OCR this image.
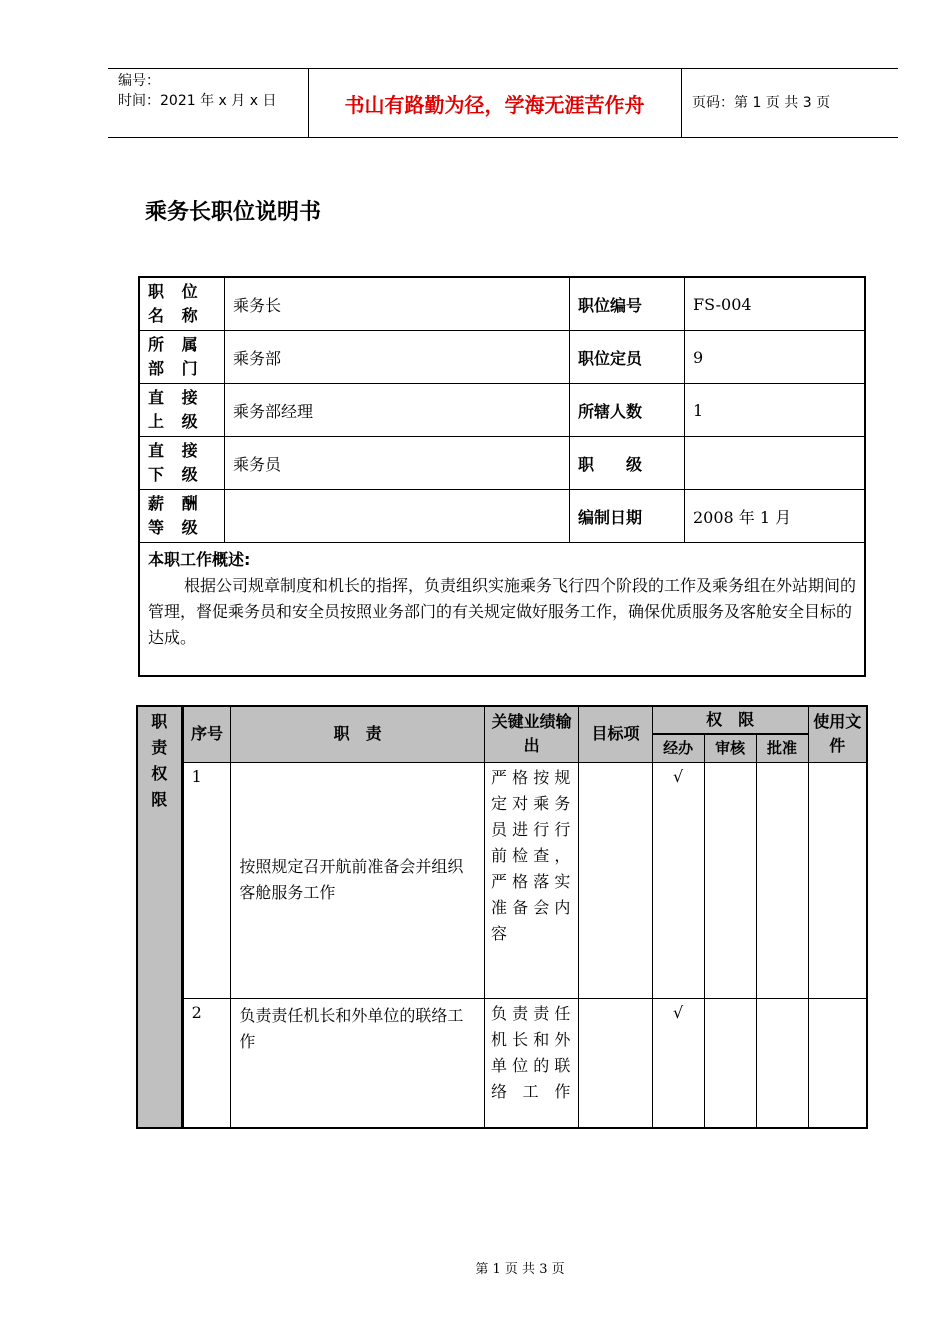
编号：
时间：2021 年 x 月 x 日	书山有路勤为径，学海无涯苦作舟	页码：第 1 页 共 3 页
乘务长职位说明书
职 位 名 称	乘务长	职位编号	FS-004
所 属 部 门	乘务部	职位定员	9
直 接 上 级	乘务部经理	所辖人数	1
直 接 下 级	乘务员	职　　级	
薪 酬 等 级		编制日期	2008 年 1 月

本职工作概述:
根据公司规章制度和机长的指挥，负责组织实施乘务飞行四个阶段的工作及乘务组在外站期间的管理，督促乘务员和安全员按照业务部门的有关规定做好服务工作，确保优质服务及客舱安全目标的达成。			
职责权限	序号	职　责	关键业绩输出	目标项	权　限			使用文件
					经办	审核	批准	
	1	按照规定召开航前准备会并组织客舱服务工作	严格按规定对乘务员进行行前检查，严格落实准备会内容		√			
	2	负责责任机长和外单位的联络工作	负责责任机长和外单位的联络工作		√			
第 1 页 共 3 页
